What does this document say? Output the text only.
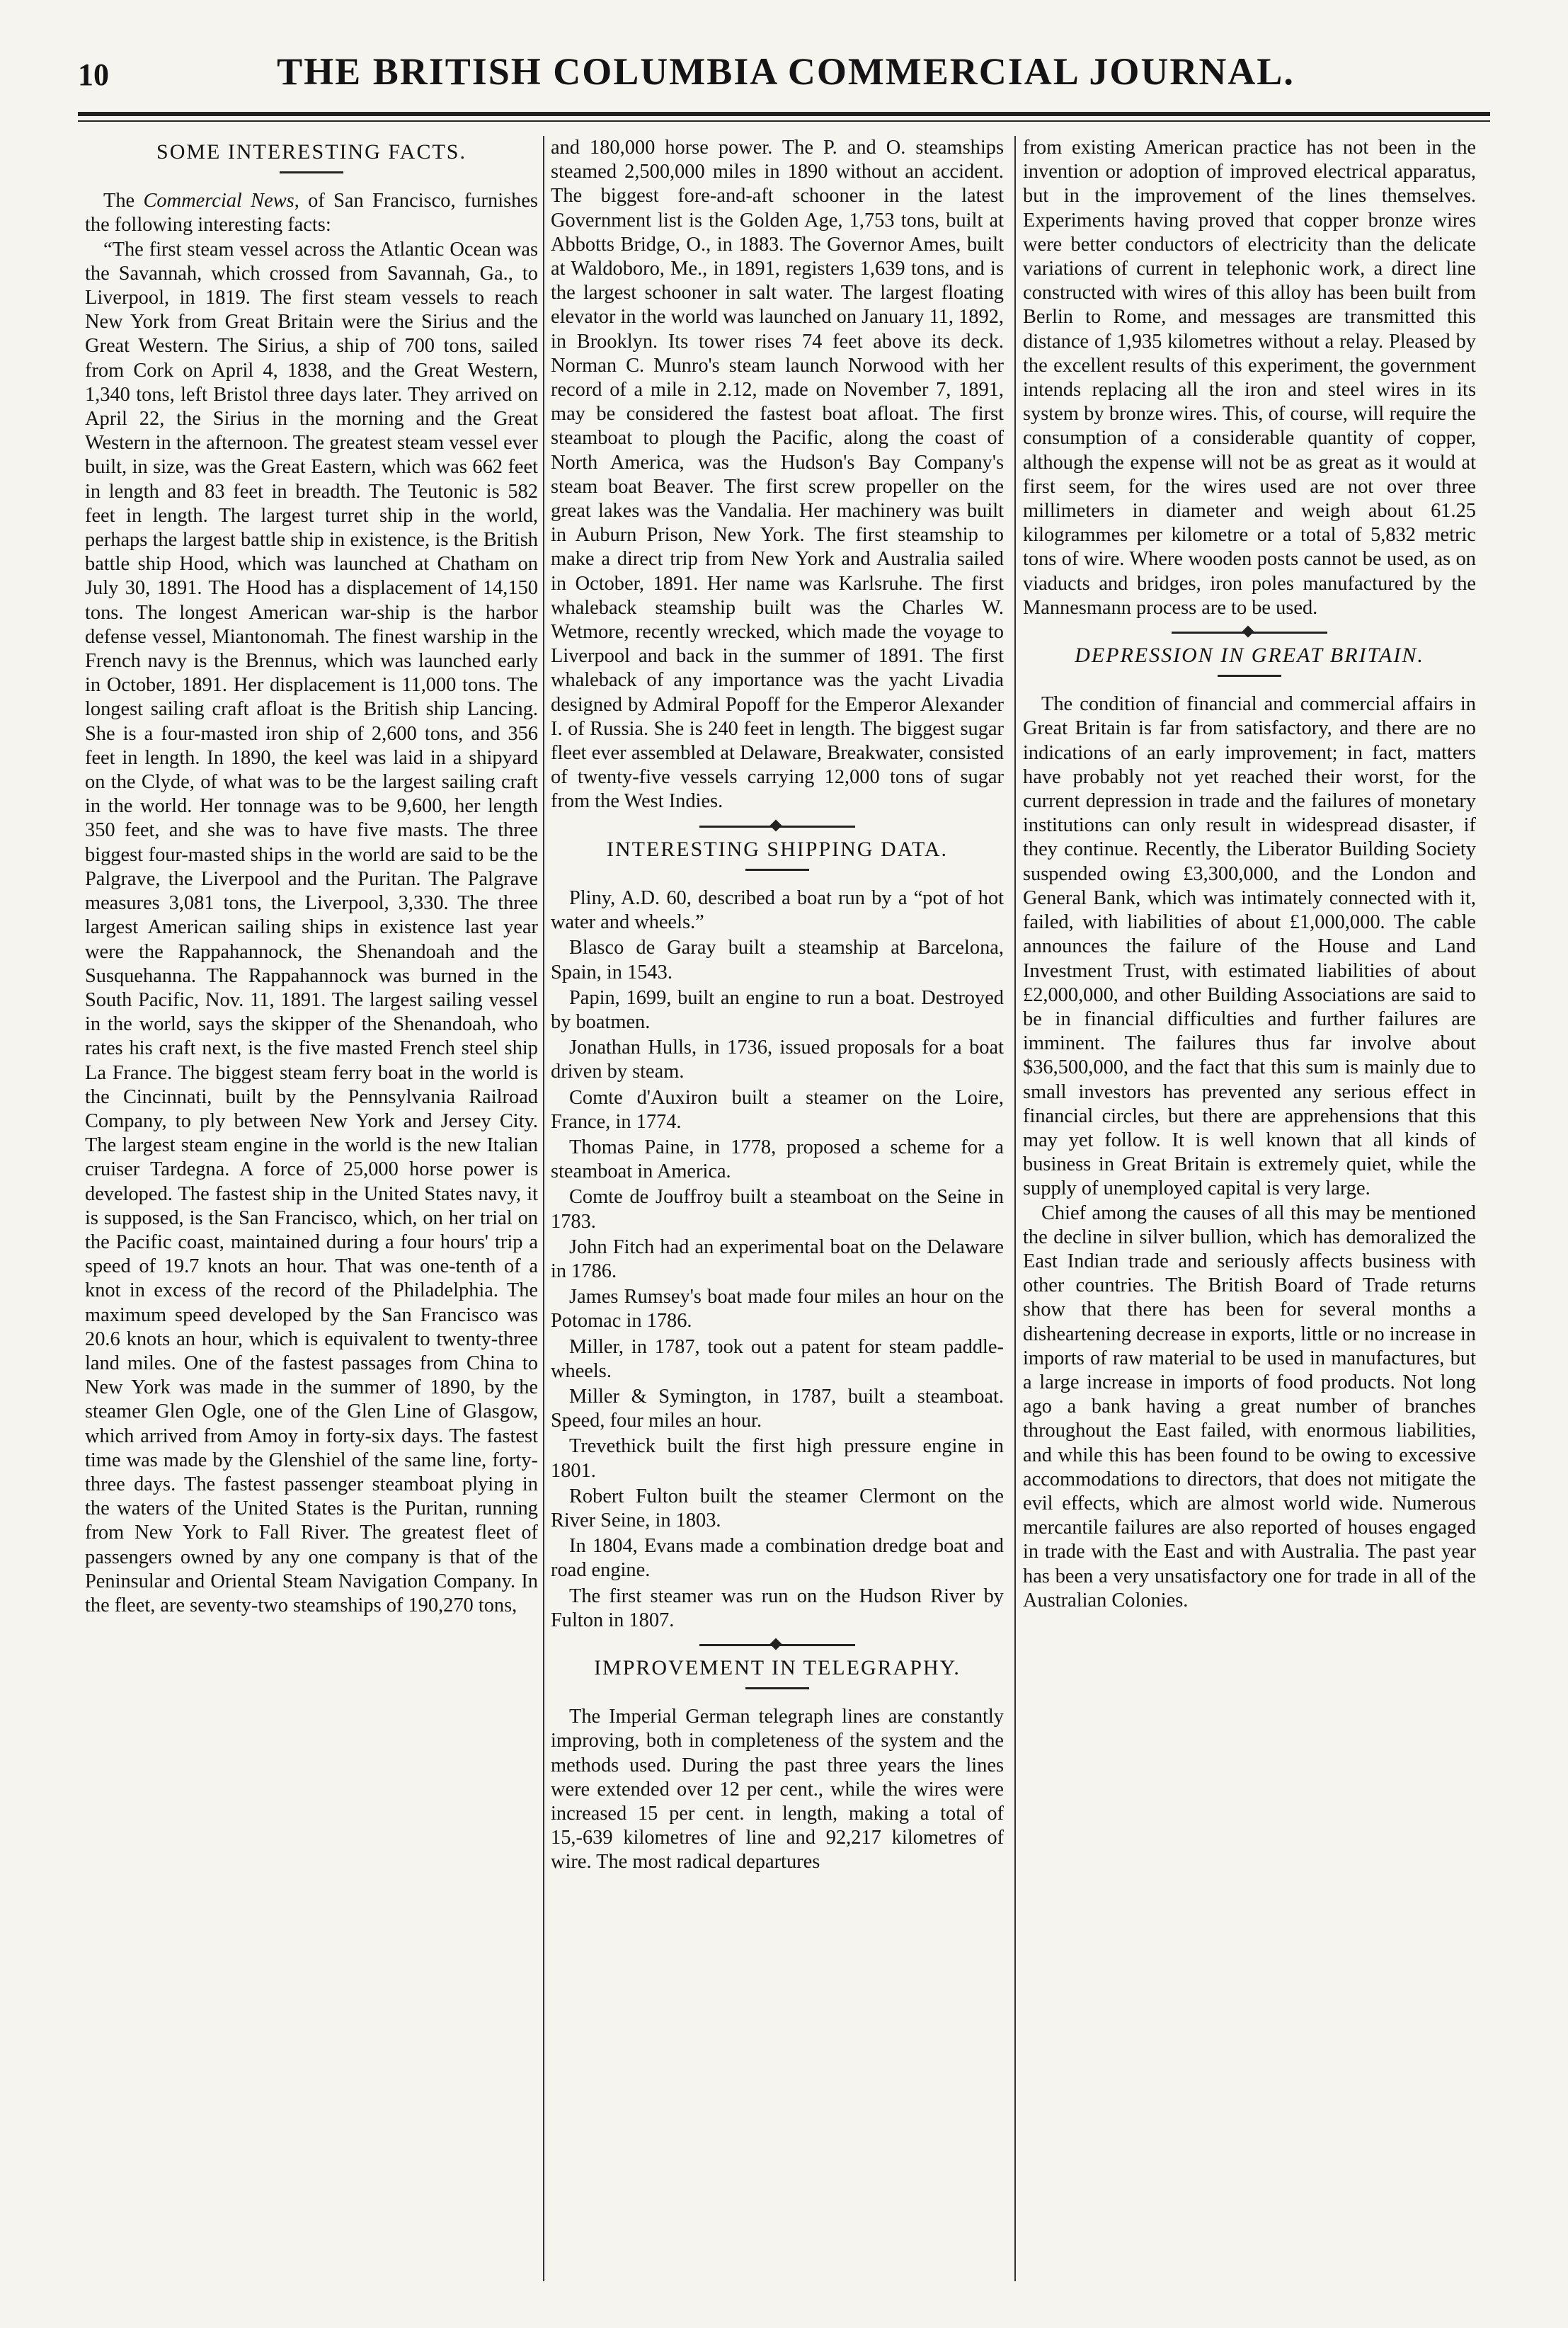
10	THE BRITISH COLUMBIA COMMERCIAL JOURNAL.
SOME INTERESTING FACTS.

The Commercial News, of San Francisco, furnishes the following interesting facts:

“The first steam vessel across the Atlantic Ocean was the Savannah, which crossed from Savannah, Ga., to Liverpool, in 1819. The first steam vessels to reach New York from Great Britain were the Sirius and the Great Western. The Sirius, a ship of 700 tons, sailed from Cork on April 4, 1838, and the Great Western, 1,340 tons, left Bristol three days later. They arrived on April 22, the Sirius in the morning and the Great Western in the afternoon. The greatest steam vessel ever built, in size, was the Great Eastern, which was 662 feet in length and 83 feet in breadth. The Teutonic is 582 feet in length. The largest turret ship in the world, perhaps the largest battle ship in existence, is the British battle ship Hood, which was launched at Chatham on July 30, 1891. The Hood has a displacement of 14,150 tons. The longest American war-ship is the harbor defense vessel, Miantonomah. The finest warship in the French navy is the Brennus, which was launched early in October, 1891. Her displacement is 11,000 tons. The longest sailing craft afloat is the British ship Lancing. She is a four-masted iron ship of 2,600 tons, and 356 feet in length. In 1890, the keel was laid in a shipyard on the Clyde, of what was to be the largest sailing craft in the world. Her tonnage was to be 9,600, her length 350 feet, and she was to have five masts. The three biggest four-masted ships in the world are said to be the Palgrave, the Liverpool and the Puritan. The Palgrave measures 3,081 tons, the Liverpool, 3,330. The three largest American sailing ships in existence last year were the Rappahannock, the Shenandoah and the Susquehanna. The Rappahannock was burned in the South Pacific, Nov. 11, 1891. The largest sailing vessel in the world, says the skipper of the Shenandoah, who rates his craft next, is the five masted French steel ship La France. The biggest steam ferry boat in the world is the Cincinnati, built by the Pennsylvania Railroad Company, to ply between New York and Jersey City. The largest steam engine in the world is the new Italian cruiser Tardegna. A force of 25,000 horse power is developed. The fastest ship in the United States navy, it is supposed, is the San Francisco, which, on her trial on the Pacific coast, maintained during a four hours' trip a speed of 19.7 knots an hour. That was one-tenth of a knot in excess of the record of the Philadelphia. The maximum speed developed by the San Francisco was 20.6 knots an hour, which is equivalent to twenty-three land miles. One of the fastest passages from China to New York was made in the summer of 1890, by the steamer Glen Ogle, one of the Glen Line of Glasgow, which arrived from Amoy in forty-six days. The fastest time was made by the Glenshiel of the same line, forty-three days. The fastest passenger steamboat plying in the waters of the United States is the Puritan, running from New York to Fall River. The greatest fleet of passengers owned by any one company is that of the Peninsular and Oriental Steam Navigation Company. In the fleet, are seventy-two steamships of 190,270 tons,

and 180,000 horse power. The P. and O. steamships steamed 2,500,000 miles in 1890 without an accident. The biggest fore-and-aft schooner in the latest Government list is the Golden Age, 1,753 tons, built at Abbotts Bridge, O., in 1883. The Governor Ames, built at Waldoboro, Me., in 1891, registers 1,639 tons, and is the largest schooner in salt water. The largest floating elevator in the world was launched on January 11, 1892, in Brooklyn. Its tower rises 74 feet above its deck. Norman C. Munro's steam launch Norwood with her record of a mile in 2.12, made on November 7, 1891, may be considered the fastest boat afloat. The first steamboat to plough the Pacific, along the coast of North America, was the Hudson's Bay Company's steam boat Beaver. The first screw propeller on the great lakes was the Vandalia. Her machinery was built in Auburn Prison, New York. The first steamship to make a direct trip from New York and Australia sailed in October, 1891. Her name was Karlsruhe. The first whaleback steamship built was the Charles W. Wetmore, recently wrecked, which made the voyage to Liverpool and back in the summer of 1891. The first whaleback of any importance was the yacht Livadia designed by Admiral Popoff for the Emperor Alexander I. of Russia. She is 240 feet in length. The biggest sugar fleet ever assembled at Delaware, Breakwater, consisted of twenty-five vessels carrying 12,000 tons of sugar from the West Indies.

INTERESTING SHIPPING DATA.

Pliny, A.D. 60, described a boat run by a “pot of hot water and wheels.”

Blasco de Garay built a steamship at Barcelona, Spain, in 1543.

Papin, 1699, built an engine to run a boat. Destroyed by boatmen.

Jonathan Hulls, in 1736, issued proposals for a boat driven by steam.

Comte d'Auxiron built a steamer on the Loire, France, in 1774.

Thomas Paine, in 1778, proposed a scheme for a steamboat in America.

Comte de Jouffroy built a steamboat on the Seine in 1783.

John Fitch had an experimental boat on the Delaware in 1786.

James Rumsey's boat made four miles an hour on the Potomac in 1786.

Miller, in 1787, took out a patent for steam paddle-wheels.

Miller & Symington, in 1787, built a steamboat. Speed, four miles an hour.

Trevethick built the first high pressure engine in 1801.

Robert Fulton built the steamer Clermont on the River Seine, in 1803.

In 1804, Evans made a combination dredge boat and road engine.

The first steamer was run on the Hudson River by Fulton in 1807.

IMPROVEMENT IN TELEGRAPHY.

The Imperial German telegraph lines are constantly improving, both in completeness of the system and the methods used. During the past three years the lines were extended over 12 per cent., while the wires were increased 15 per cent. in length, making a total of 15,-639 kilometres of line and 92,217 kilometres of wire. The most radical departures

from existing American practice has not been in the invention or adoption of improved electrical apparatus, but in the improvement of the lines themselves. Experiments having proved that copper bronze wires were better conductors of electricity than the delicate variations of current in telephonic work, a direct line constructed with wires of this alloy has been built from Berlin to Rome, and messages are transmitted this distance of 1,935 kilometres without a relay. Pleased by the excellent results of this experiment, the government intends replacing all the iron and steel wires in its system by bronze wires. This, of course, will require the consumption of a considerable quantity of copper, although the expense will not be as great as it would at first seem, for the wires used are not over three millimeters in diameter and weigh about 61.25 kilogrammes per kilometre or a total of 5,832 metric tons of wire. Where wooden posts cannot be used, as on viaducts and bridges, iron poles manufactured by the Mannesmann process are to be used.

DEPRESSION IN GREAT BRITAIN.

The condition of financial and commercial affairs in Great Britain is far from satisfactory, and there are no indications of an early improvement; in fact, matters have probably not yet reached their worst, for the current depression in trade and the failures of monetary institutions can only result in widespread disaster, if they continue. Recently, the Liberator Building Society suspended owing £3,300,000, and the London and General Bank, which was intimately connected with it, failed, with liabilities of about £1,000,000. The cable announces the failure of the House and Land Investment Trust, with estimated liabilities of about £2,000,000, and other Building Associations are said to be in financial difficulties and further failures are imminent. The failures thus far involve about $36,500,000, and the fact that this sum is mainly due to small investors has prevented any serious effect in financial circles, but there are apprehensions that this may yet follow. It is well known that all kinds of business in Great Britain is extremely quiet, while the supply of unemployed capital is very large.

Chief among the causes of all this may be mentioned the decline in silver bullion, which has demoralized the East Indian trade and seriously affects business with other countries. The British Board of Trade returns show that there has been for several months a disheartening decrease in exports, little or no increase in imports of raw material to be used in manufactures, but a large increase in imports of food products. Not long ago a bank having a great number of branches throughout the East failed, with enormous liabilities, and while this has been found to be owing to excessive accommodations to directors, that does not mitigate the evil effects, which are almost world wide. Numerous mercantile failures are also reported of houses engaged in trade with the East and with Australia. The past year has been a very unsatisfactory one for trade in all of the Australian Colonies.
